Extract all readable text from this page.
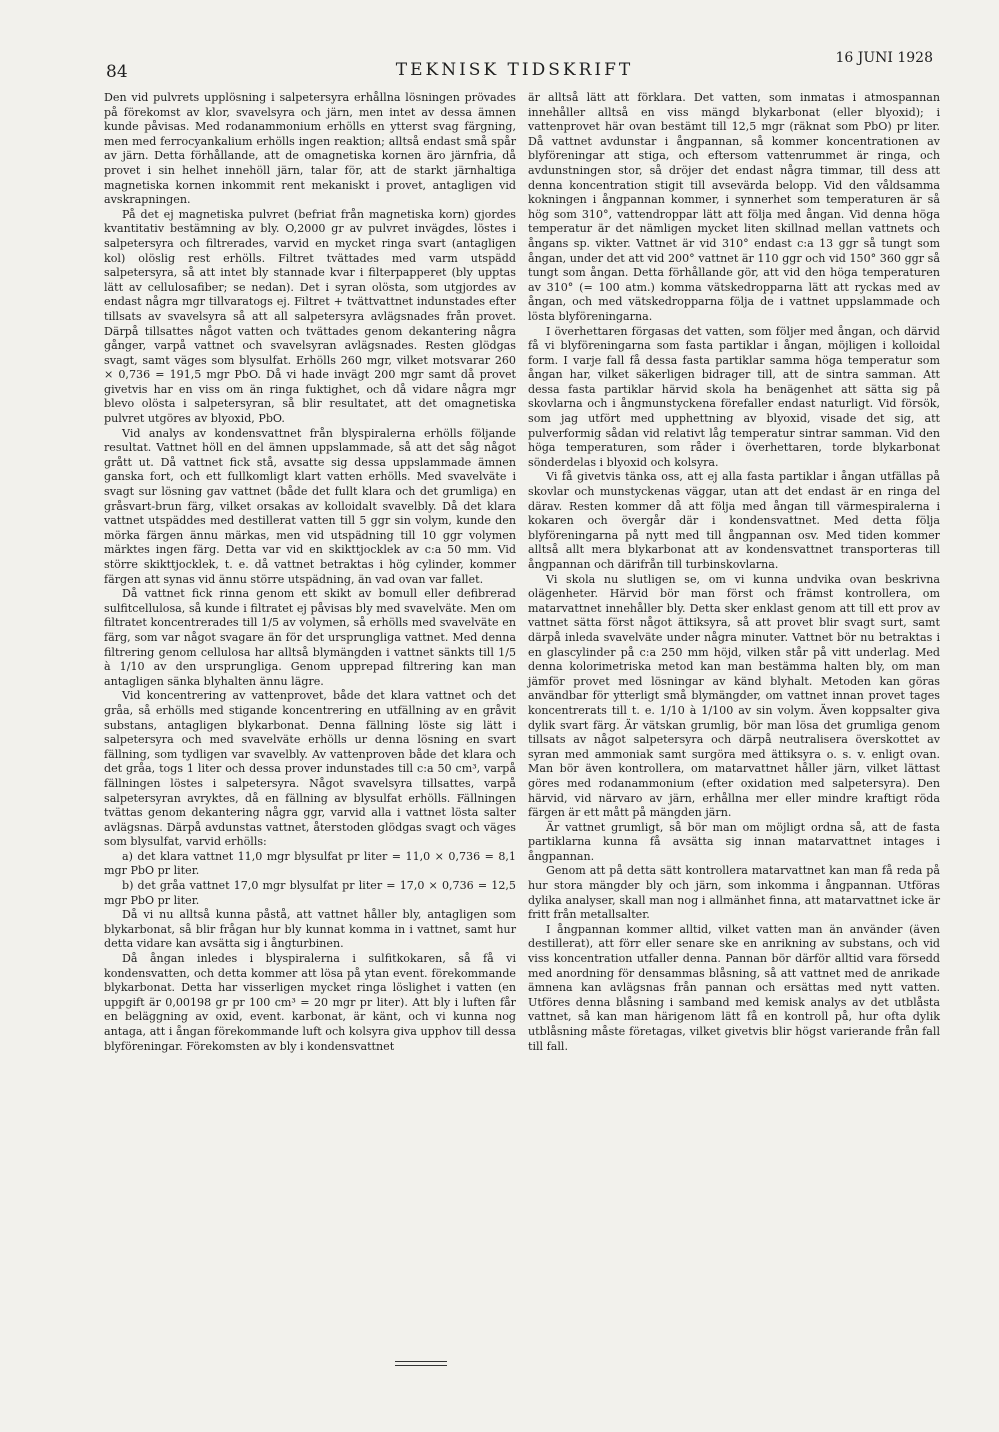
84	TEKNISK TIDSKRIFT
16 JUNI 1928

Den vid pulvrets upplösning i salpetersyra erhållna lösningen prövades på förekomst av klor, svavelsyra och järn, men intet av dessa ämnen kunde påvisas. Med rodanammonium erhölls en ytterst svag färgning, men med ferrocyankalium erhölls ingen reaktion; alltså endast små spår av järn. Detta förhållande, att de omagnetiska kornen äro järnfria, då provet i sin helhet innehöll järn, talar för, att de starkt järnhaltiga magnetiska kornen inkommit rent mekaniskt i provet, antagligen vid avskrapningen.

På det ej magnetiska pulvret (befriat från magnetiska korn) gjordes kvantitativ bestämning av bly. O,2000 gr av pulvret invägdes, löstes i salpetersyra och filtrerades, varvid en mycket ringa svart (antagligen kol) olöslig rest erhölls. Filtret tvättades med varm utspädd salpetersyra, så att intet bly stannade kvar i filterpapperet (bly upptas lätt av cellulosafiber; se nedan). Det i syran olösta, som utgjordes av endast några mgr tillvaratogs ej. Filtret + tvättvattnet indunstades efter tillsats av svavelsyra så att all salpetersyra avlägsnades från provet. Därpå tillsattes något vatten och tvättades genom dekantering några gånger, varpå vattnet och svavelsyran avlägsnades. Resten glödgas svagt, samt väges som blysulfat. Erhölls 260 mgr, vilket motsvarar 260 × 0,736 = 191,5 mgr PbO. Då vi hade invägt 200 mgr samt då provet givetvis har en viss om än ringa fuktighet, och då vidare några mgr blevo olösta i salpetersyran, så blir resultatet, att det omagnetiska pulvret utgöres av blyoxid, PbO.

Vid analys av kondensvattnet från blyspiralerna erhölls följande resultat. Vattnet höll en del ämnen uppslammade, så att det såg något grått ut. Då vattnet fick stå, avsatte sig dessa uppslammade ämnen ganska fort, och ett fullkomligt klart vatten erhölls. Med svavelväte i svagt sur lösning gav vattnet (både det fullt klara och det grumliga) en gråsvart-brun färg, vilket orsakas av kolloidalt svavelbly. Då det klara vattnet utspäddes med destillerat vatten till 5 ggr sin volym, kunde den mörka färgen ännu märkas, men vid utspädning till 10 ggr volymen märktes ingen färg. Detta var vid en skikttjocklek av c:a 50 mm. Vid större skikttjocklek, t. e. då vattnet betraktas i hög cylinder, kommer färgen att synas vid ännu större utspädning, än vad ovan var fallet.

Då vattnet fick rinna genom ett skikt av bomull eller defibrerad sulfitcellulosa, så kunde i filtratet ej påvisas bly med svavelväte. Men om filtratet koncentrerades till 1/5 av volymen, så erhölls med svavelväte en färg, som var något svagare än för det ursprungliga vattnet. Med denna filtrering genom cellulosa har alltså blymängden i vattnet sänkts till 1/5 à 1/10 av den ursprungliga. Genom upprepad filtrering kan man antagligen sänka blyhalten ännu lägre.

Vid koncentrering av vattenprovet, både det klara vattnet och det gråa, så erhölls med stigande koncentrering en utfällning av en gråvit substans, antagligen blykarbonat. Denna fällning löste sig lätt i salpetersyra och med svavelväte erhölls ur denna lösning en svart fällning, som tydligen var svavelbly. Av vattenproven både det klara och det gråa, togs 1 liter och dessa prover indunstades till c:a 50 cm³, varpå fällningen löstes i salpetersyra. Något svavelsyra tillsattes, varpå salpetersyran avryktes, då en fällning av blysulfat erhölls. Fällningen tvättas genom dekantering några ggr, varvid alla i vattnet lösta salter avlägsnas. Därpå avdunstas vattnet, återstoden glödgas svagt och väges som blysulfat, varvid erhölls:

a) det klara vattnet 11,0 mgr blysulfat pr liter = 11,0 × 0,736 = 8,1 mgr PbO pr liter.

b) det gråa vattnet 17,0 mgr blysulfat pr liter = 17,0 × 0,736 = 12,5 mgr PbO pr liter.

Då vi nu alltså kunna påstå, att vattnet håller bly, antagligen som blykarbonat, så blir frågan hur bly kunnat komma in i vattnet, samt hur detta vidare kan avsätta sig i ångturbinen.

Då ångan inledes i blyspiralerna i sulfitkokaren, så få vi kondensvatten, och detta kommer att lösa på ytan event. förekommande blykarbonat. Detta har visserligen mycket ringa löslighet i vatten (en uppgift är 0,00198 gr pr 100 cm³ = 20 mgr pr liter). Att bly i luften får en beläggning av oxid, event. karbonat, är känt, och vi kunna nog antaga, att i ångan förekommande luft och kolsyra giva upphov till dessa blyföreningar. Förekomsten av bly i kondensvattnet

är alltså lätt att förklara. Det vatten, som inmatas i atmospannan innehåller alltså en viss mängd blykarbonat (eller blyoxid); i vattenprovet här ovan bestämt till 12,5 mgr (räknat som PbO) pr liter. Då vattnet avdunstar i ångpannan, så kommer koncentrationen av blyföreningar att stiga, och eftersom vattenrummet är ringa, och avdunstningen stor, så dröjer det endast några timmar, till dess att denna koncentration stigit till avsevärda belopp. Vid den våldsamma kokningen i ångpannan kommer, i synnerhet som temperaturen är så hög som 310°, vattendroppar lätt att följa med ångan. Vid denna höga temperatur är det nämligen mycket liten skillnad mellan vattnets och ångans sp. vikter. Vattnet är vid 310° endast c:a 13 ggr så tungt som ångan, under det att vid 200° vattnet är 110 ggr och vid 150° 360 ggr så tungt som ångan. Detta förhållande gör, att vid den höga temperaturen av 310° (= 100 atm.) komma vätskedropparna lätt att ryckas med av ångan, och med vätskedropparna följa de i vattnet uppslammade och lösta blyföreningarna.

I överhettaren förgasas det vatten, som följer med ångan, och därvid få vi blyföreningarna som fasta partiklar i ångan, möjligen i kolloidal form. I varje fall få dessa fasta partiklar samma höga temperatur som ångan har, vilket säkerligen bidrager till, att de sintra samman. Att dessa fasta partiklar härvid skola ha benägenhet att sätta sig på skovlarna och i ångmunstyckena förefaller endast naturligt. Vid försök, som jag utfört med upphettning av blyoxid, visade det sig, att pulverformig sådan vid relativt låg temperatur sintrar samman. Vid den höga temperaturen, som råder i överhettaren, torde blykarbonat sönderdelas i blyoxid och kolsyra.

Vi få givetvis tänka oss, att ej alla fasta partiklar i ångan utfällas på skovlar och munstyckenas väggar, utan att det endast är en ringa del därav. Resten kommer då att följa med ångan till värmespiralerna i kokaren och övergår där i kondensvattnet. Med detta följa blyföreningarna på nytt med till ångpannan osv. Med tiden kommer alltså allt mera blykarbonat att av kondensvattnet transporteras till ångpannan och därifrån till turbinskovlarna.

Vi skola nu slutligen se, om vi kunna undvika ovan beskrivna olägenheter. Härvid bör man först och främst kontrollera, om matarvattnet innehåller bly. Detta sker enklast genom att till ett prov av vattnet sätta först något ättiksyra, så att provet blir svagt surt, samt därpå inleda svavelväte under några minuter. Vattnet bör nu betraktas i en glascylinder på c:a 250 mm höjd, vilken står på vitt underlag. Med denna kolorimetriska metod kan man bestämma halten bly, om man jämför provet med lösningar av känd blyhalt. Metoden kan göras användbar för ytterligt små blymängder, om vattnet innan provet tages koncentrerats till t. e. 1/10 à 1/100 av sin volym. Även koppsalter giva dylik svart färg. Är vätskan grumlig, bör man lösa det grumliga genom tillsats av något salpetersyra och därpå neutralisera överskottet av syran med ammoniak samt surgöra med ättiksyra o. s. v. enligt ovan. Man bör även kontrollera, om matarvattnet håller järn, vilket lättast göres med rodanammonium (efter oxidation med salpetersyra). Den härvid, vid närvaro av järn, erhållna mer eller mindre kraftigt röda färgen är ett mått på mängden järn.

Är vattnet grumligt, så bör man om möjligt ordna så, att de fasta partiklarna kunna få avsätta sig innan matarvattnet intages i ångpannan.

Genom att på detta sätt kontrollera matarvattnet kan man få reda på hur stora mängder bly och järn, som inkomma i ångpannan. Utföras dylika analyser, skall man nog i allmänhet finna, att matarvattnet icke är fritt från metallsalter.

I ångpannan kommer alltid, vilket vatten man än använder (även destillerat), att förr eller senare ske en anrikning av substans, och vid viss koncentration utfaller denna. Pannan bör därför alltid vara försedd med anordning för densammas blåsning, så att vattnet med de anrikade ämnena kan avlägsnas från pannan och ersättas med nytt vatten. Utföres denna blåsning i samband med kemisk analys av det utblåsta vattnet, så kan man härigenom lätt få en kontroll på, hur ofta dylik utblåsning måste företagas, vilket givetvis blir högst varierande från fall till fall.
